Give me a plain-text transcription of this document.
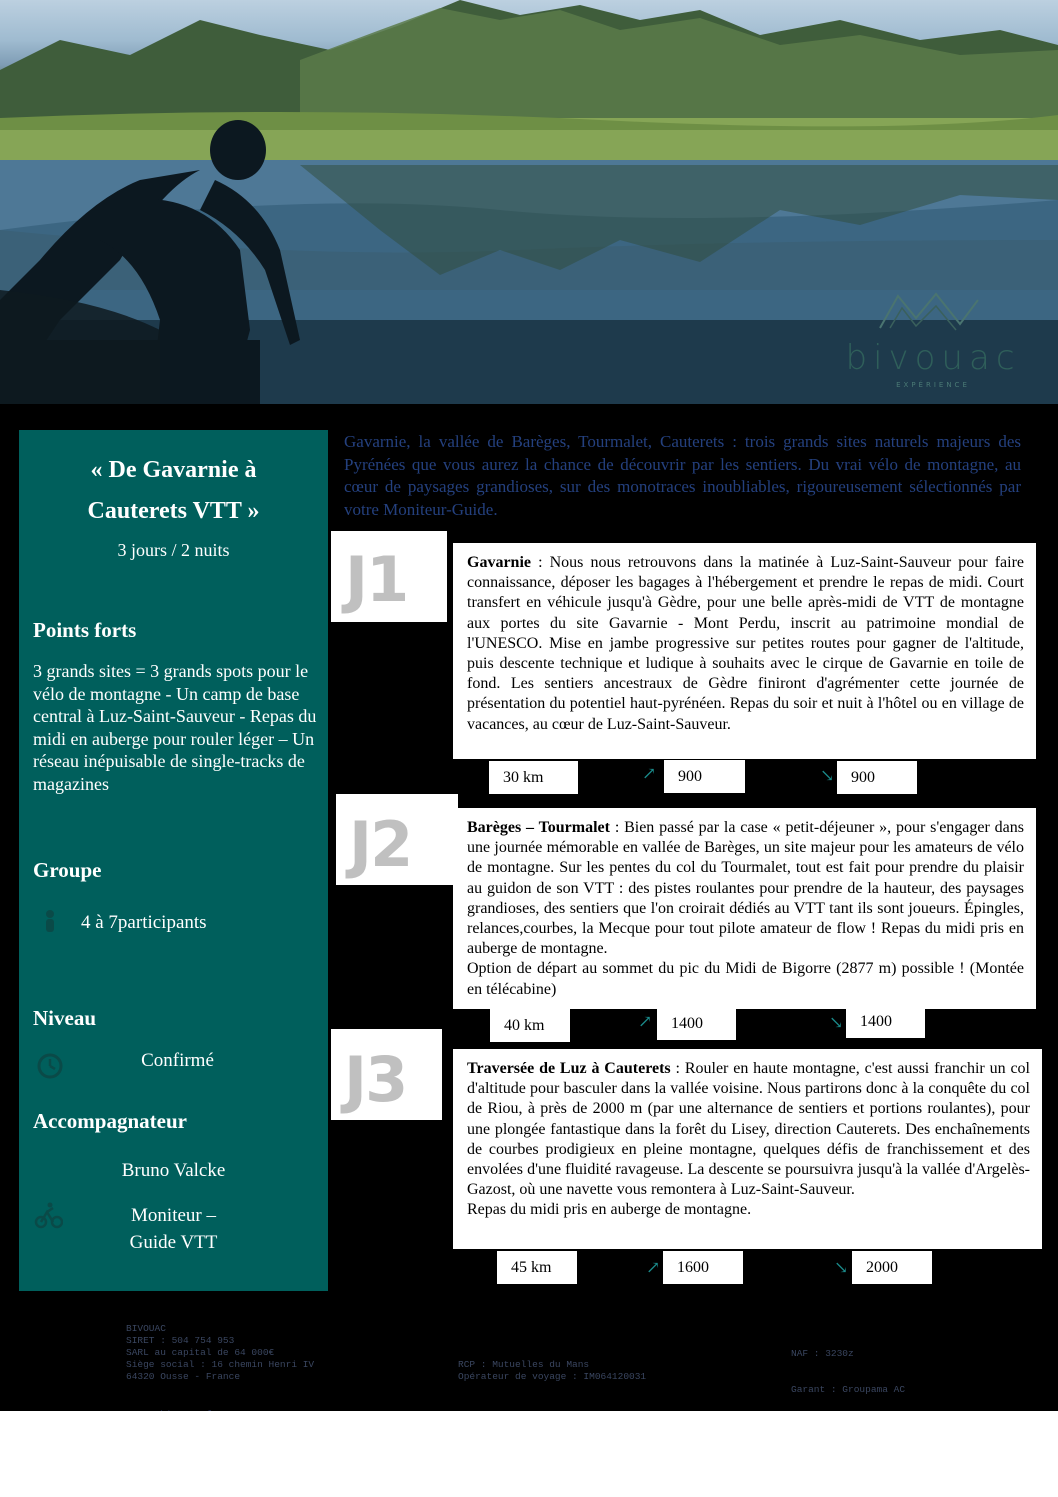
bivouac
EXPÉRIENCE
« De Gavarnie à
Cauterets VTT »
3 jours / 2 nuits
Points forts
3 grands sites = 3 grands spots pour le vélo de montagne - Un camp de base central à Luz-Saint-Sauveur - Repas du midi en auberge pour rouler léger – Un réseau inépuisable de single-tracks de magazines
Groupe
4 à 7participants
Niveau
Confirmé
Accompagnateur
Bruno Valcke
Moniteur –
Guide VTT
Gavarnie, la vallée de Barèges, Tourmalet, Cauterets : trois grands sites naturels majeurs des Pyrénées que vous aurez la chance de découvrir par les sentiers. Du vrai vélo de montagne, au cœur de paysages grandioses, sur des monotraces inoubliables, rigoureusement sélectionnés par votre Moniteur-Guide.
J1	Gavarnie : Nous nous retrouvons dans la matinée à Luz-Saint-Sauveur pour faire connaissance, déposer les bagages à l'hébergement et prendre le repas de midi. Court transfert en véhicule jusqu'à Gèdre, pour une belle après-midi de VTT de montagne aux portes du site Gavarnie - Mont Perdu, inscrit au patrimoine mondial de l'UNESCO. Mise en jambe progressive sur petites routes pour gagner de l'altitude, puis descente technique et ludique à souhaits avec le cirque de Gavarnie en toile de fond. Les sentiers ancestraux de Gèdre finiront d'agrémenter cette journée de présentation du potentiel haut-pyrénéen. Repas du soir et nuit à l'hôtel ou en village de vacances, au cœur de Luz-Saint-Sauveur.
30 km	↗	900	↘	900
J2	Barèges – Tourmalet : Bien passé par la case « petit-déjeuner », pour s'engager dans une journée mémorable en vallée de Barèges, un site majeur pour les amateurs de vélo de montagne. Sur les pentes du col du Tourmalet, tout est fait pour prendre du plaisir au guidon de son VTT : des pistes roulantes pour prendre de la hauteur, des paysages grandioses, des sentiers que l'on croirait dédiés au VTT tant ils sont joueurs. Épingles, relances,courbes, la Mecque pour tout pilote amateur de flow ! Repas du midi pris en auberge de montagne.
Option de départ au sommet du pic du Midi de Bigorre (2877 m) possible ! (Montée en télécabine)
40 km	↗	1400	↘	1400
J3	Traversée de Luz à Cauterets : Rouler en haute montagne, c'est aussi franchir un col d'altitude pour basculer dans la vallée voisine. Nous partirons donc à la conquête du col de Riou, à près de 2000 m (par une alternance de sentiers et portions roulantes), pour une plongée fantastique dans la forêt du Lisey, direction Cauterets. Des enchaînements de courbes prodigieux en pleine montagne, quelques défis de franchissement et des envolées d'une fluidité ravageuse. La descente se poursuivra jusqu'à la vallée d'Argelès-Gazost, où une navette vous remontera à Luz-Saint-Sauveur.
Repas du midi pris en auberge de montagne.
45 km	↗	1600	↘	2000
BIVOUAC
SIRET : 504 754 953
SARL au capital de 64 000€
Siège social : 16 chemin Henri IV
64320 Ousse - France

RCP : Mutuelles du Mans
Opérateur de voyage : IM064120031
NAF : 3230z
Garant : Groupama AC
